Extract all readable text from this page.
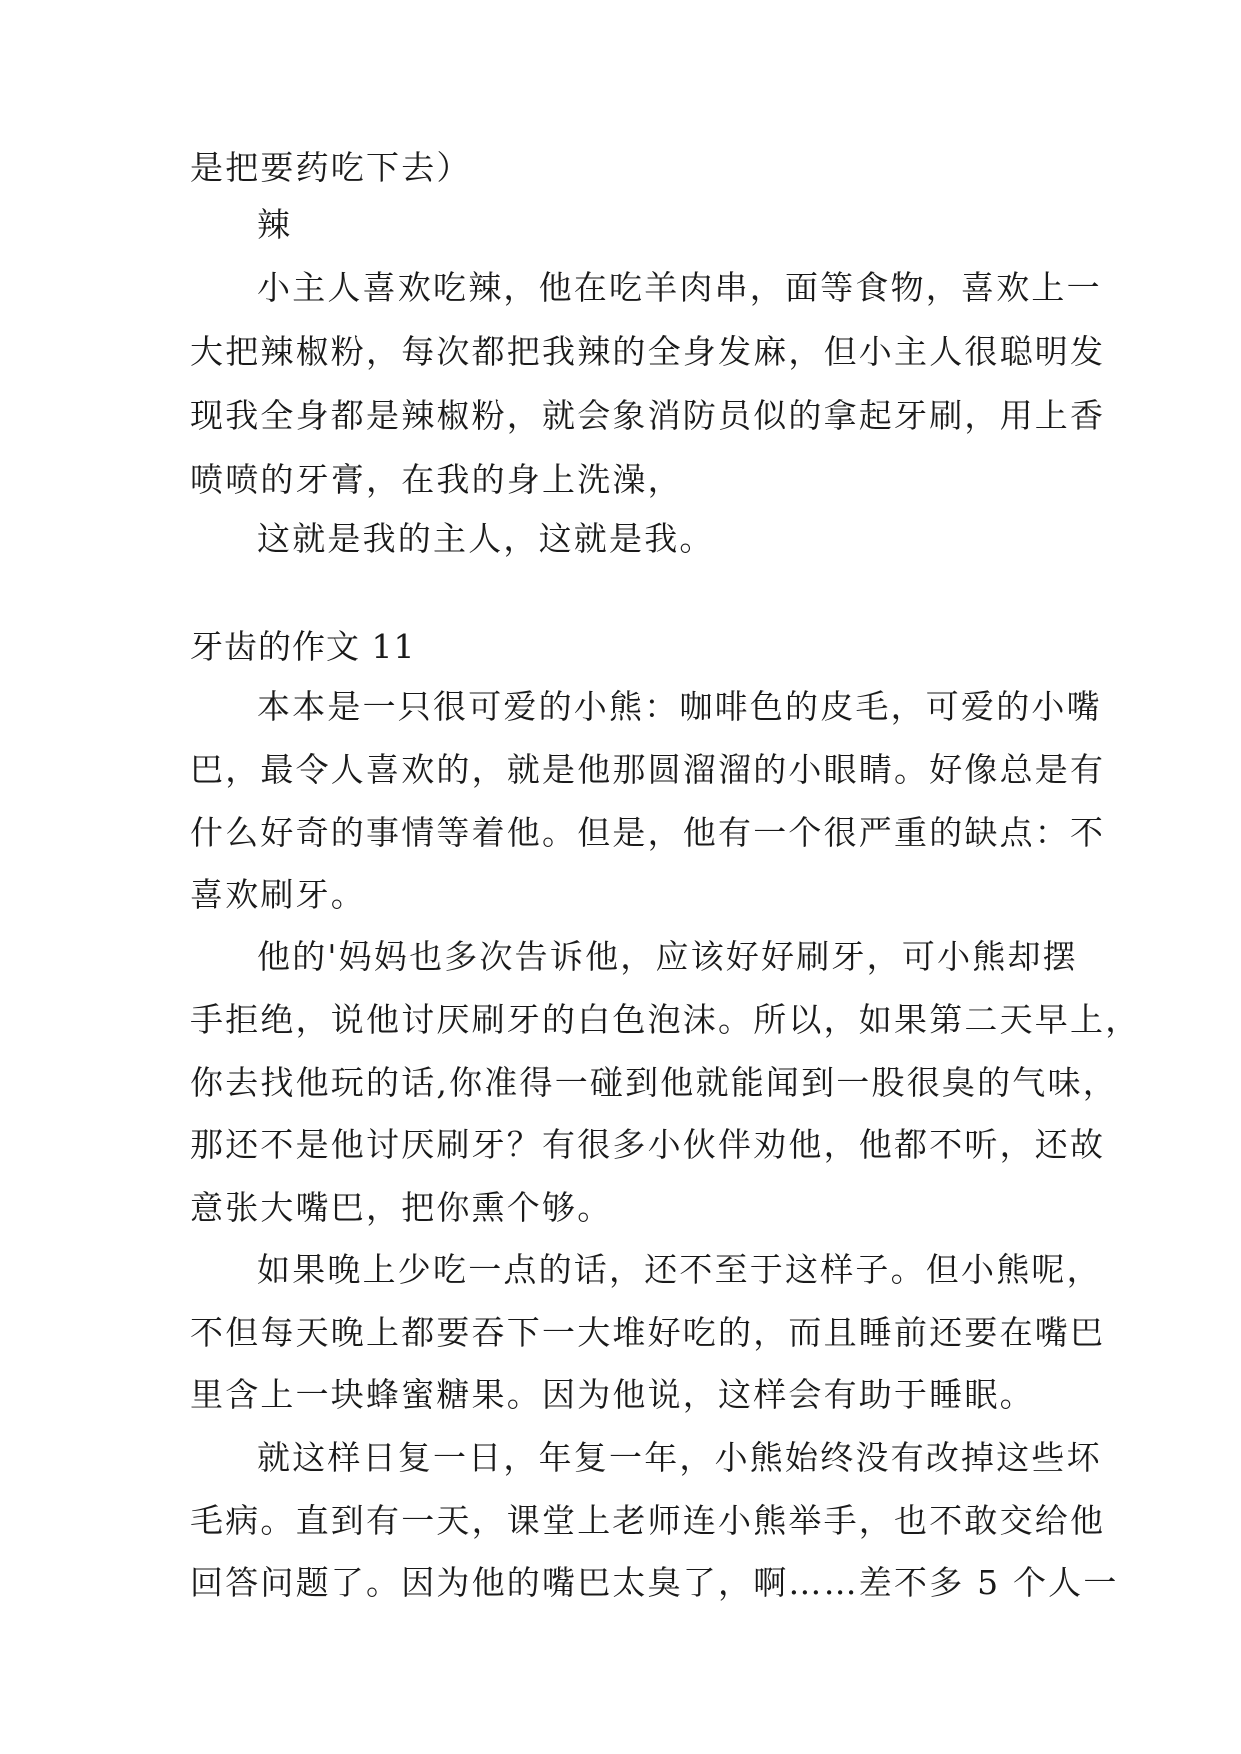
是把要药吃下去）

辣

小主人喜欢吃辣，他在吃羊肉串，面等食物，喜欢上一

大把辣椒粉，每次都把我辣的全身发麻，但小主人很聪明发

现我全身都是辣椒粉，就会象消防员似的拿起牙刷，用上香

喷喷的牙膏，在我的身上洗澡，

这就是我的主人，这就是我。

牙齿的作文 11

本本是一只很可爱的小熊：咖啡色的皮毛，可爱的小嘴

巴，最令人喜欢的，就是他那圆溜溜的小眼睛。好像总是有

什么好奇的事情等着他。但是，他有一个很严重的缺点：不

喜欢刷牙。

他的'妈妈也多次告诉他，应该好好刷牙，可小熊却摆

手拒绝，说他讨厌刷牙的白色泡沫。所以，如果第二天早上，

你去找他玩的话,你准得一碰到他就能闻到一股很臭的气味，

那还不是他讨厌刷牙？有很多小伙伴劝他，他都不听，还故

意张大嘴巴，把你熏个够。

如果晚上少吃一点的话，还不至于这样子。但小熊呢，

不但每天晚上都要吞下一大堆好吃的，而且睡前还要在嘴巴

里含上一块蜂蜜糖果。因为他说，这样会有助于睡眠。

就这样日复一日，年复一年，小熊始终没有改掉这些坏

毛病。直到有一天，课堂上老师连小熊举手，也不敢交给他

回答问题了。因为他的嘴巴太臭了，啊……差不多 5 个人一
